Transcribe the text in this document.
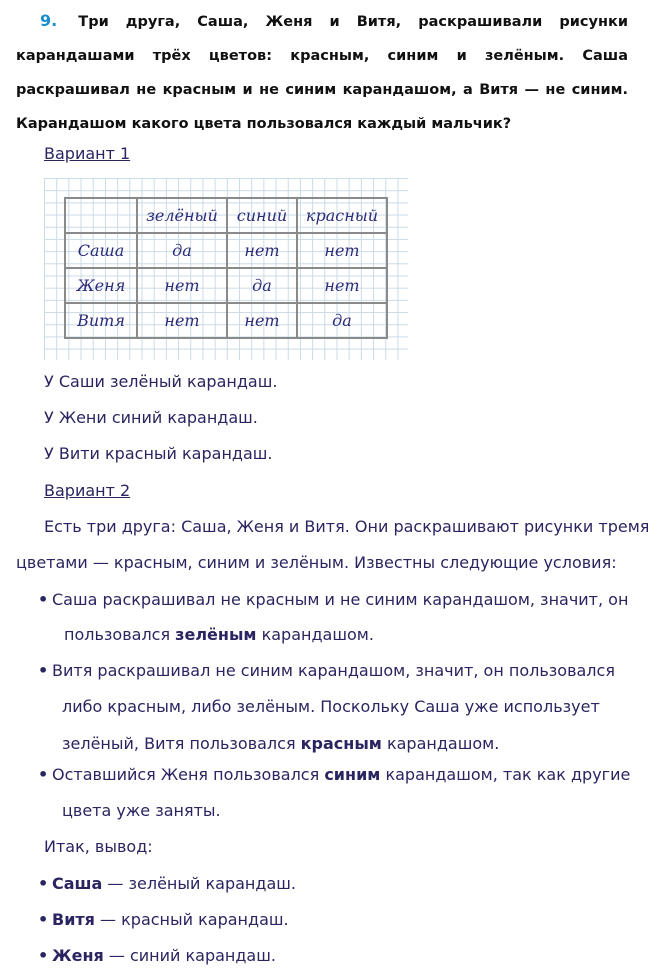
9. Три друга, Саша, Женя и Витя, раскрашивали рисунки карандашами трёх цветов: красным, синим и зелёным. Саша раскрашивал не красным и не синим карандашом, а Витя — не синим. Карандашом какого цвета пользовался каждый мальчик?
Вариант 1
	зелёный	синий	красный
Саша	да	нет	нет
Женя	нет	да	нет
Витя	нет	нет	да
У Саши зелёный карандаш.
У Жени синий карандаш.
У Вити красный карандаш.
Вариант 2
Есть три друга: Саша, Женя и Витя. Они раскрашивают рисунки тремя
цветами — красным, синим и зелёным. Известны следующие условия:
• Саша раскрашивал не красным и не синим карандашом, значит, он
пользовался зелёным карандашом.
• Витя раскрашивал не синим карандашом, значит, он пользовался
либо красным, либо зелёным. Поскольку Саша уже использует
зелёный, Витя пользовался красным карандашом.
• Оставшийся Женя пользовался синим карандашом, так как другие
цвета уже заняты.
Итак, вывод:
• Саша — зелёный карандаш.
• Витя — красный карандаш.
• Женя — синий карандаш.
